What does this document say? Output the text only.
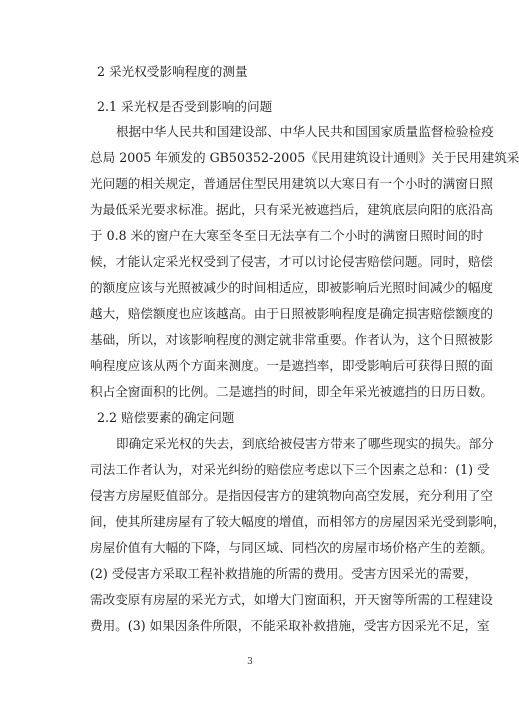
2 采光权受影响程度的测量
2.1 采光权是否受到影响的问题
根据中华人民共和国建设部、中华人民共和国国家质量监督检验检疫
总局 2005 年颁发的 GB50352-2005《民用建筑设计通则》关于民用建筑采
光问题的相关规定，普通居住型民用建筑以大寒日有一个小时的满窗日照
为最低采光要求标准。据此，只有采光被遮挡后，建筑底层向阳的底沿高
于 0.8 米的窗户在大寒至冬至日无法享有二个小时的满窗日照时间的时
候，才能认定采光权受到了侵害，才可以讨论侵害赔偿问题。同时，赔偿
的额度应该与光照被减少的时间相适应，即被影响后光照时间减少的幅度
越大，赔偿额度也应该越高。由于日照被影响程度是确定损害赔偿额度的
基础，所以，对该影响程度的测定就非常重要。作者认为，这个日照被影
响程度应该从两个方面来测度。一是遮挡率，即受影响后可获得日照的面
积占全窗面积的比例。二是遮挡的时间，即全年采光被遮挡的日历日数。
2.2 赔偿要素的确定问题
即确定采光权的失去，到底给被侵害方带来了哪些现实的损失。部分
司法工作者认为，对采光纠纷的赔偿应考虑以下三个因素之总和：(1) 受
侵害方房屋贬值部分。是指因侵害方的建筑物向高空发展，充分利用了空
间，使其所建房屋有了较大幅度的增值，而相邻方的房屋因采光受到影响，
房屋价值有大幅的下降，与同区域、同档次的房屋市场价格产生的差额。
(2) 受侵害方采取工程补救措施的所需的费用。受害方因采光的需要，
需改变原有房屋的采光方式，如增大门窗面积，开天窗等所需的工程建设
费用。(3) 如果因条件所限，不能采取补救措施，受害方因采光不足，室
3
